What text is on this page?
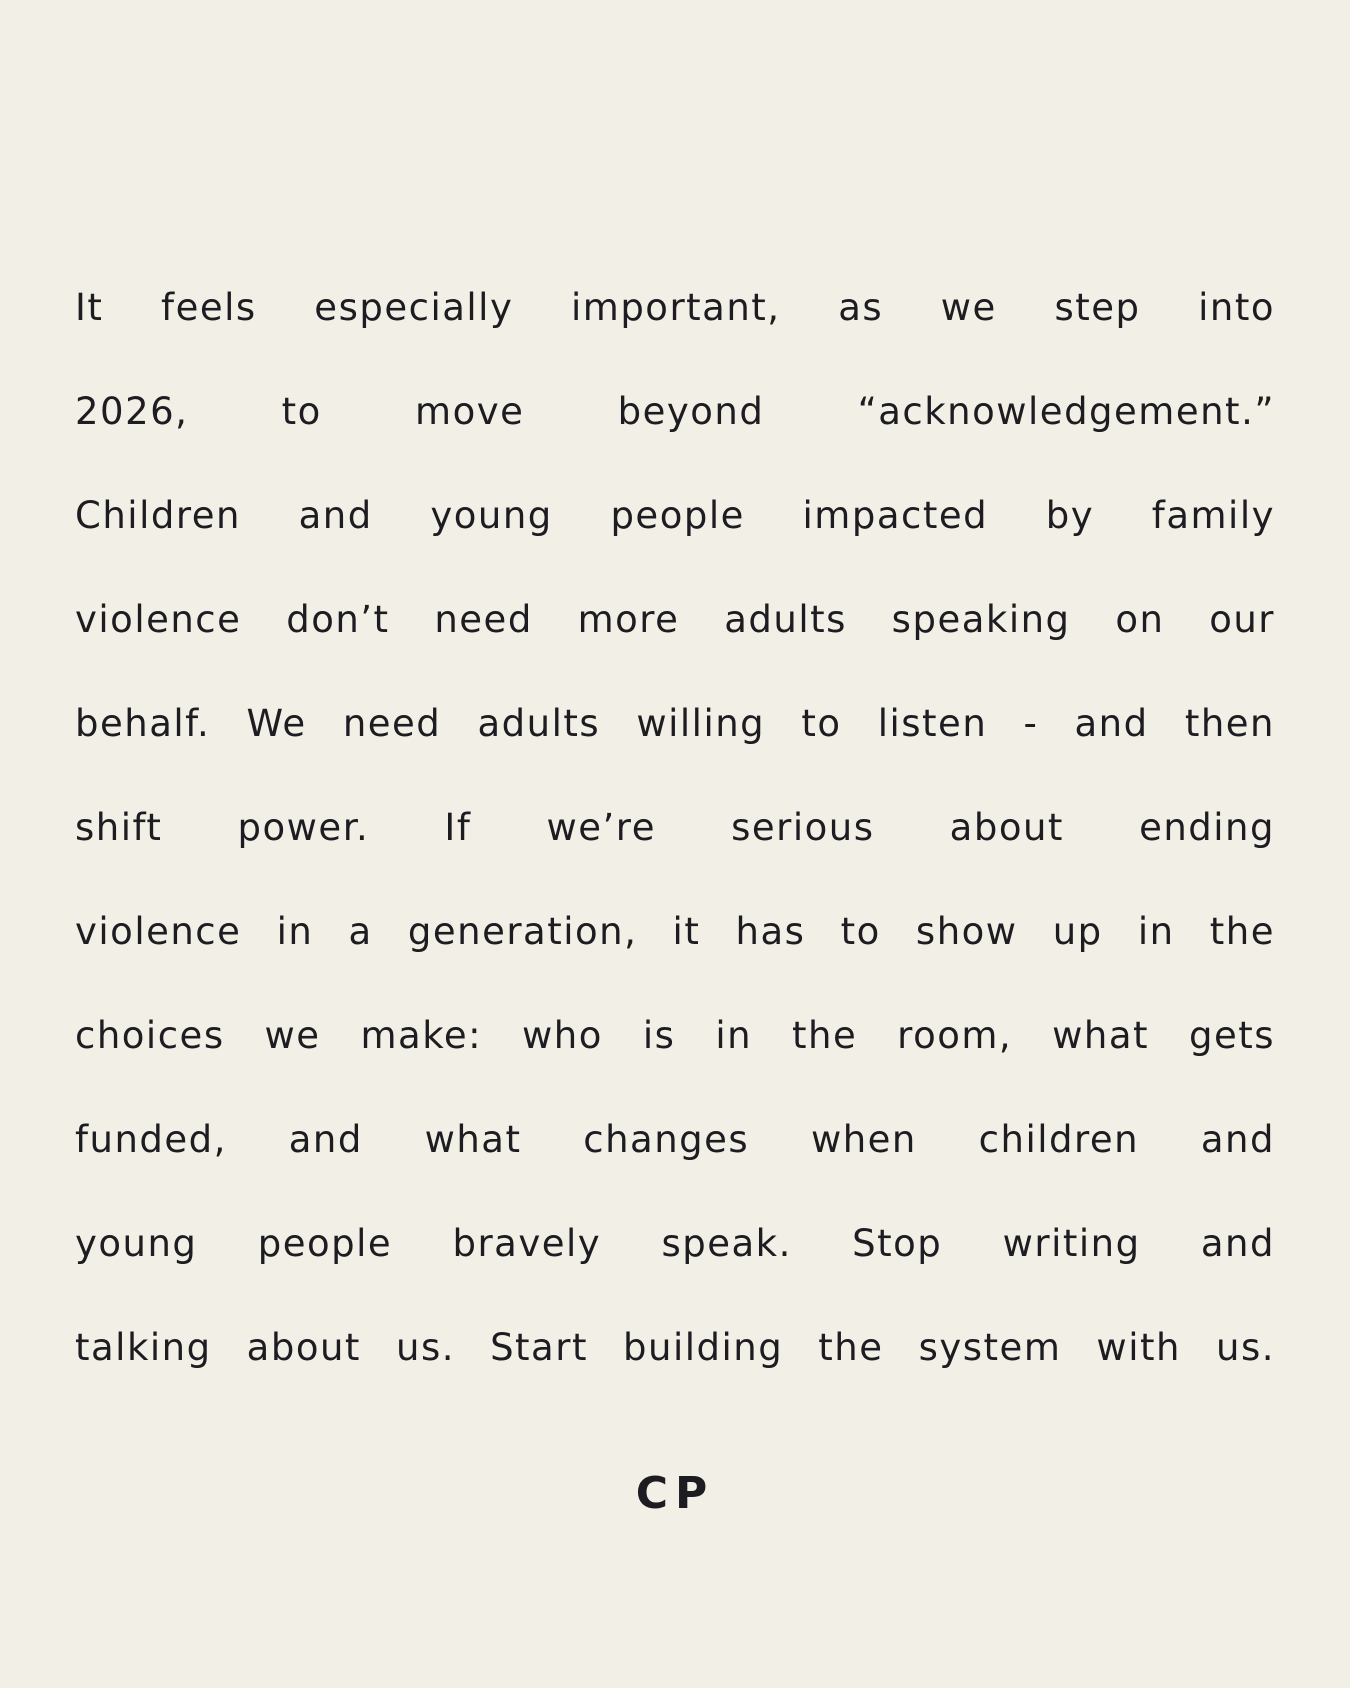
It feels especially important, as we step into
2026, to move beyond “acknowledgement.”
Children and young people impacted by family
violence don’t need more adults speaking on our
behalf. We need adults willing to listen - and then
shift power. If we’re serious about ending
violence in a generation, it has to show up in the
choices we make: who is in the room, what gets
funded, and what changes when children and
young people bravely speak. Stop writing and
talking about us. Start building the system with us.
CP
